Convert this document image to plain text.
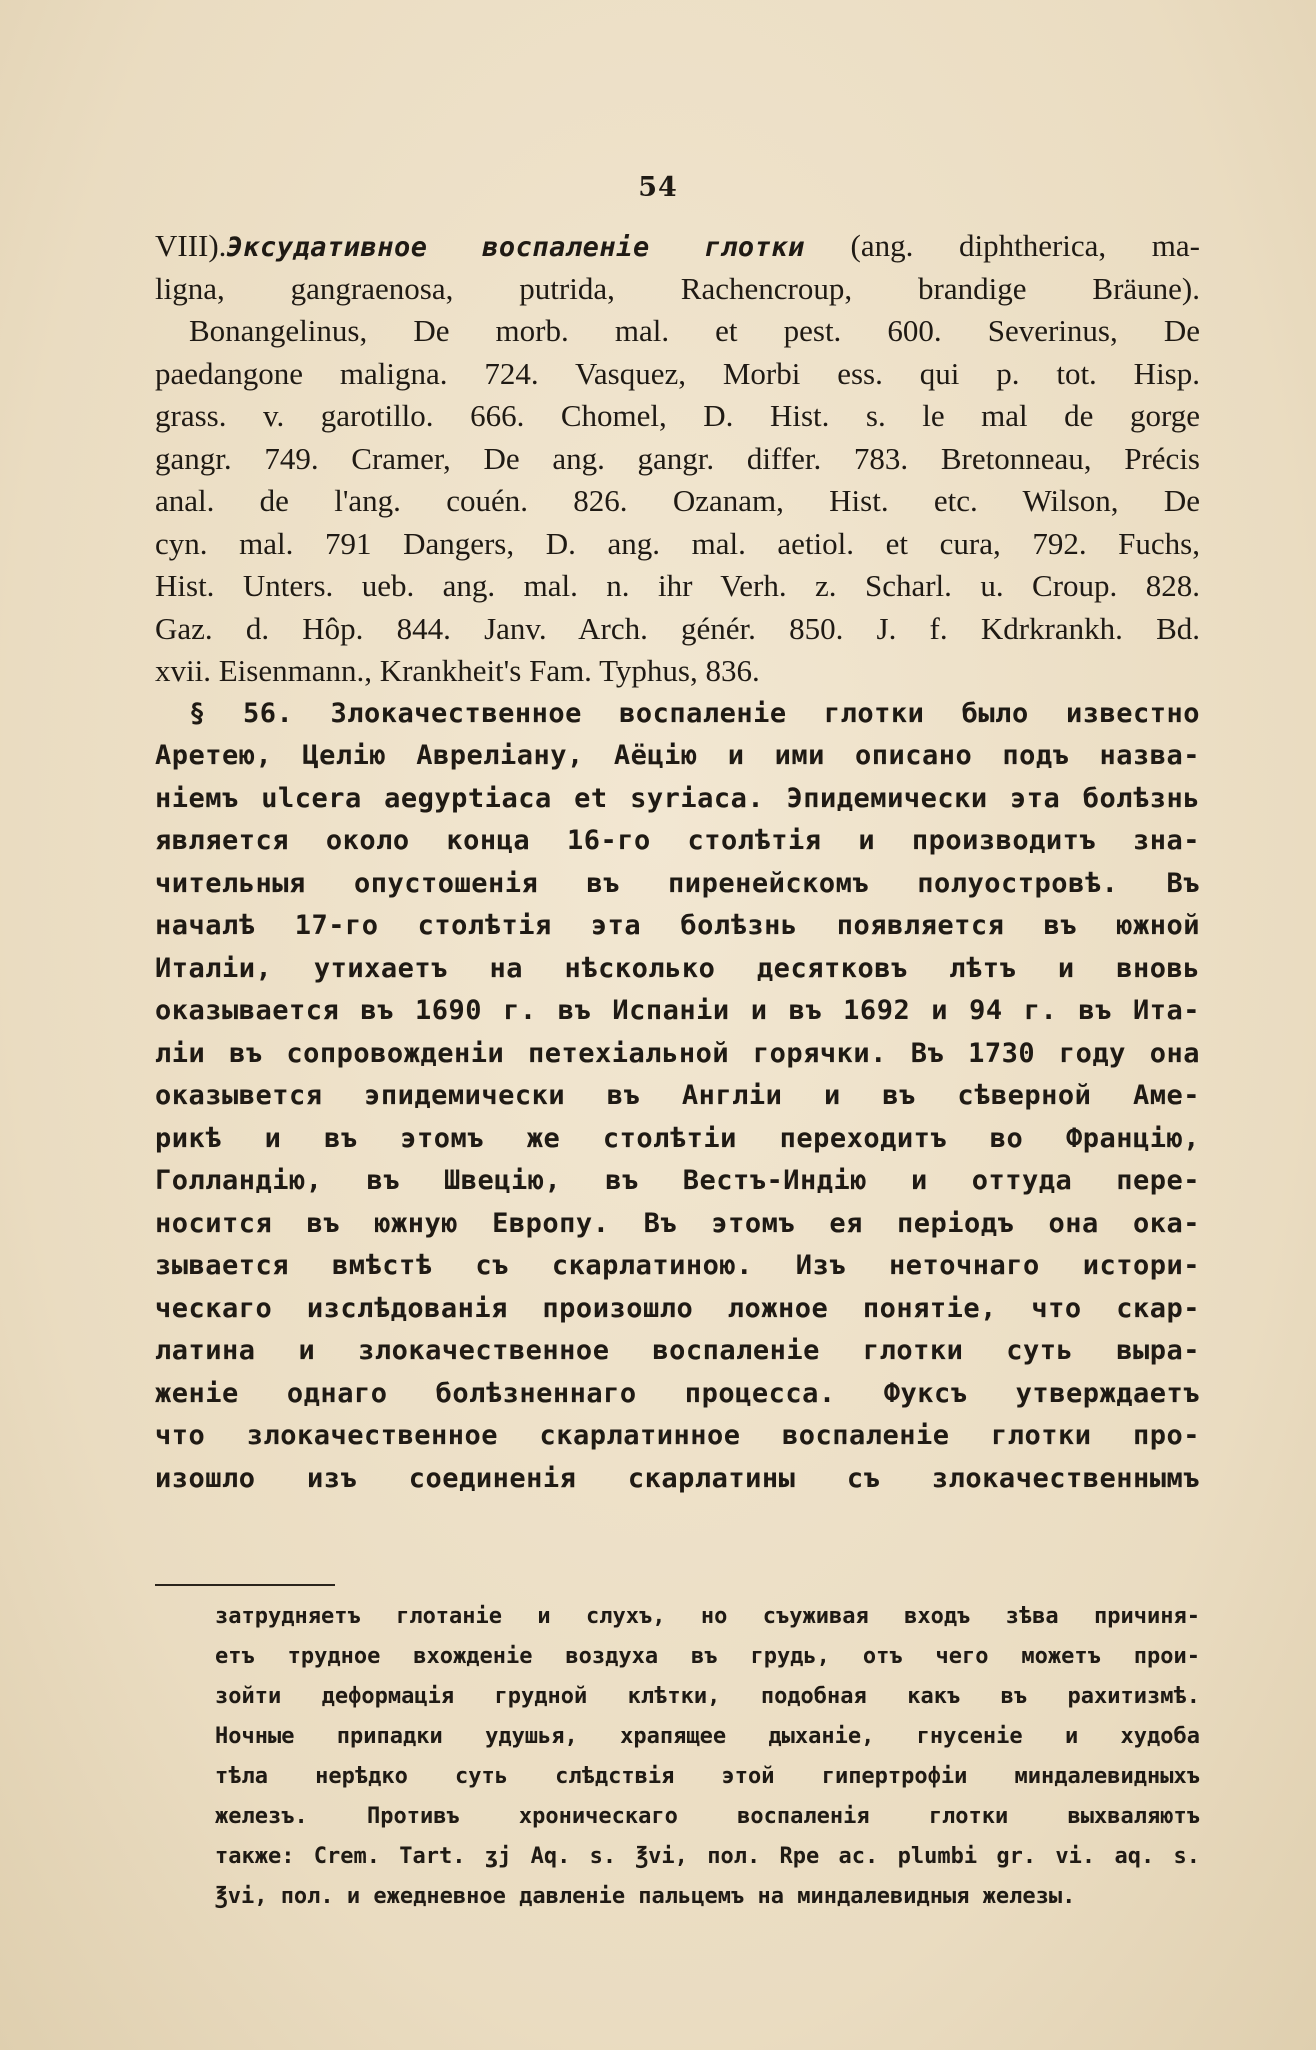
54
VIII).Эксудативное воспаленіе глотки (ang. diphtherica, ma-
ligna, gangraenosa, putrida, Rachencroup, brandige Bräune).
Bonangelinus, De morb. mal. et pest. 600. Severinus, De
paedangone maligna. 724. Vasquez, Morbi ess. qui p. tot. Hisp.
grass. v. garotillo. 666. Chomel, D. Hist. s. le mal de gorge
gangr. 749. Cramer, De ang. gangr. differ. 783. Bretonneau, Précis
anal. de l'ang. couén. 826. Ozanam, Hist. etc. Wilson, De
cyn. mal. 791 Dangers, D. ang. mal. aetiol. et cura, 792. Fuchs,
Hist. Unters. ueb. ang. mal. n. ihr Verh. z. Scharl. u. Croup. 828.
Gaz. d. Hôp. 844. Janv. Arch. génér. 850. J. f. Kdrkrankh. Bd.
xvii. Eisenmann., Krankheit's Fam. Typhus, 836.
§ 56. Злокачественное воспаленіе глотки было известно
Аретею, Целію Авреліану, Аёцію и ими описано подъ назва-
ніемъ ulcera aegyptiaca et syriaca. Эпидемически эта болѣзнь
является около конца 16-го столѣтія и производитъ зна-
чительныя опустошенія въ пиренейскомъ полуостровѣ. Въ
началѣ 17-го столѣтія эта болѣзнь появляется въ южной
Италіи, утихаетъ на нѣсколько десятковъ лѣтъ и вновь
оказывается въ 1690 г. въ Испаніи и въ 1692 и 94 г. въ Ита-
ліи въ сопровожденіи петехіальной горячки. Въ 1730 году она
оказывется эпидемически въ Англіи и въ сѣверной Аме-
рикѣ и въ этомъ же столѣтіи переходитъ во Францію,
Голландію, въ Швецію, въ Вестъ-Индію и оттуда пере-
носится въ южную Европу. Въ этомъ ея періодъ она ока-
зывается вмѣстѣ съ скарлатиною. Изъ неточнаго истори-
ческаго изслѣдованія произошло ложное понятіе, что скар-
латина и злокачественное воспаленіе глотки суть выра-
женіе однаго болѣзненнаго процесса. Фуксъ утверждаетъ
что злокачественное скарлатинное воспаленіе глотки про-
изошло изъ соединенія скарлатины съ злокачественнымъ
затрудняетъ глотаніе и слухъ, но съуживая входъ зѣва причиня-
етъ трудное вхожденіе воздуха въ грудь, отъ чего можетъ прои-
зойти деформація грудной клѣтки, подобная какъ въ рахитизмѣ.
Ночные припадки удушья, храпящее дыханіе, гнусеніе и худоба
тѣла нерѣдко суть слѣдствія этой гипертрофіи миндалевидныхъ
железъ. Противъ хроническаго воспаленія глотки выхваляютъ
также: Crem. Tart. ʒj Aq. s. ℥vi, пол. Rpe ac. plumbi gr. vi. aq. s.
℥vi, пол. и ежедневное давленіе пальцемъ на миндалевидныя железы.
